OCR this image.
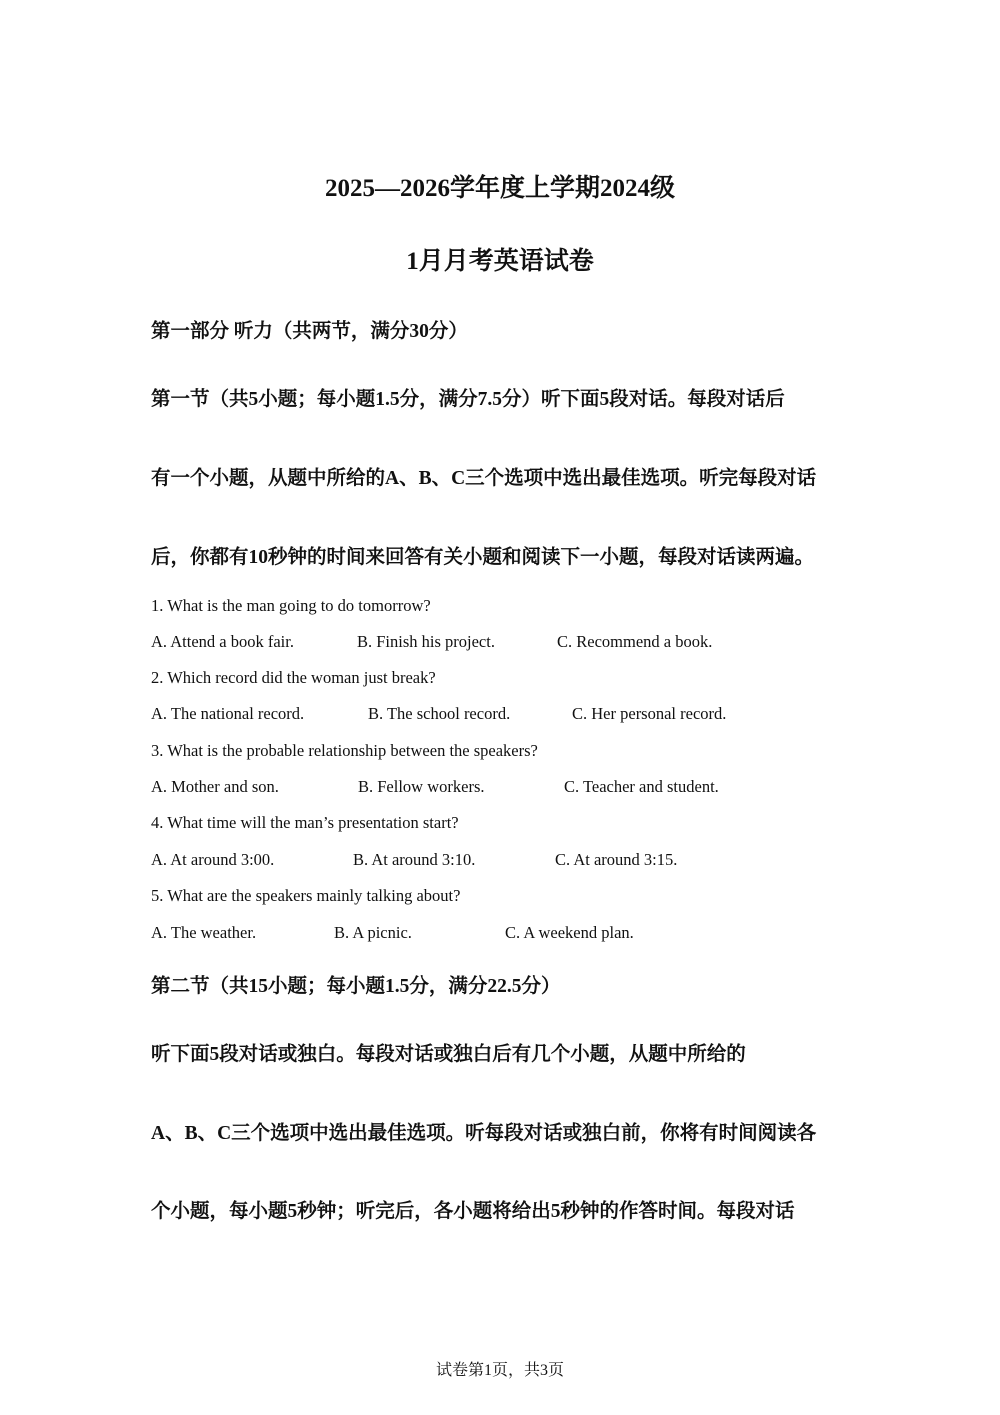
2025—2026学年度上学期2024级
1月月考英语试卷
第一部分 听力（共两节，满分30分）
第一节（共5小题；每小题1.5分，满分7.5分）听下面5段对话。每段对话后
有一个小题，从题中所给的A、B、C三个选项中选出最佳选项。听完每段对话
后，你都有10秒钟的时间来回答有关小题和阅读下一小题，每段对话读两遍。
1. What is the man going to do tomorrow?
A. Attend a book fair.	B. Finish his project.	C. Recommend a book.
2. Which record did the woman just break?
A. The national record.	B. The school record.	C. Her personal record.
3. What is the probable relationship between the speakers?
A. Mother and son.	B. Fellow workers.	C. Teacher and student.
4. What time will the man’s presentation start?
A. At around 3:00.	B. At around 3:10.	C. At around 3:15.
5. What are the speakers mainly talking about?
A. The weather.	B. A picnic.	C. A weekend plan.
第二节（共15小题；每小题1.5分，满分22.5分）
听下面5段对话或独白。每段对话或独白后有几个小题，从题中所给的
A、B、C三个选项中选出最佳选项。听每段对话或独白前，你将有时间阅读各
个小题，每小题5秒钟；听完后，各小题将给出5秒钟的作答时间。每段对话
试卷第1页，共3页
